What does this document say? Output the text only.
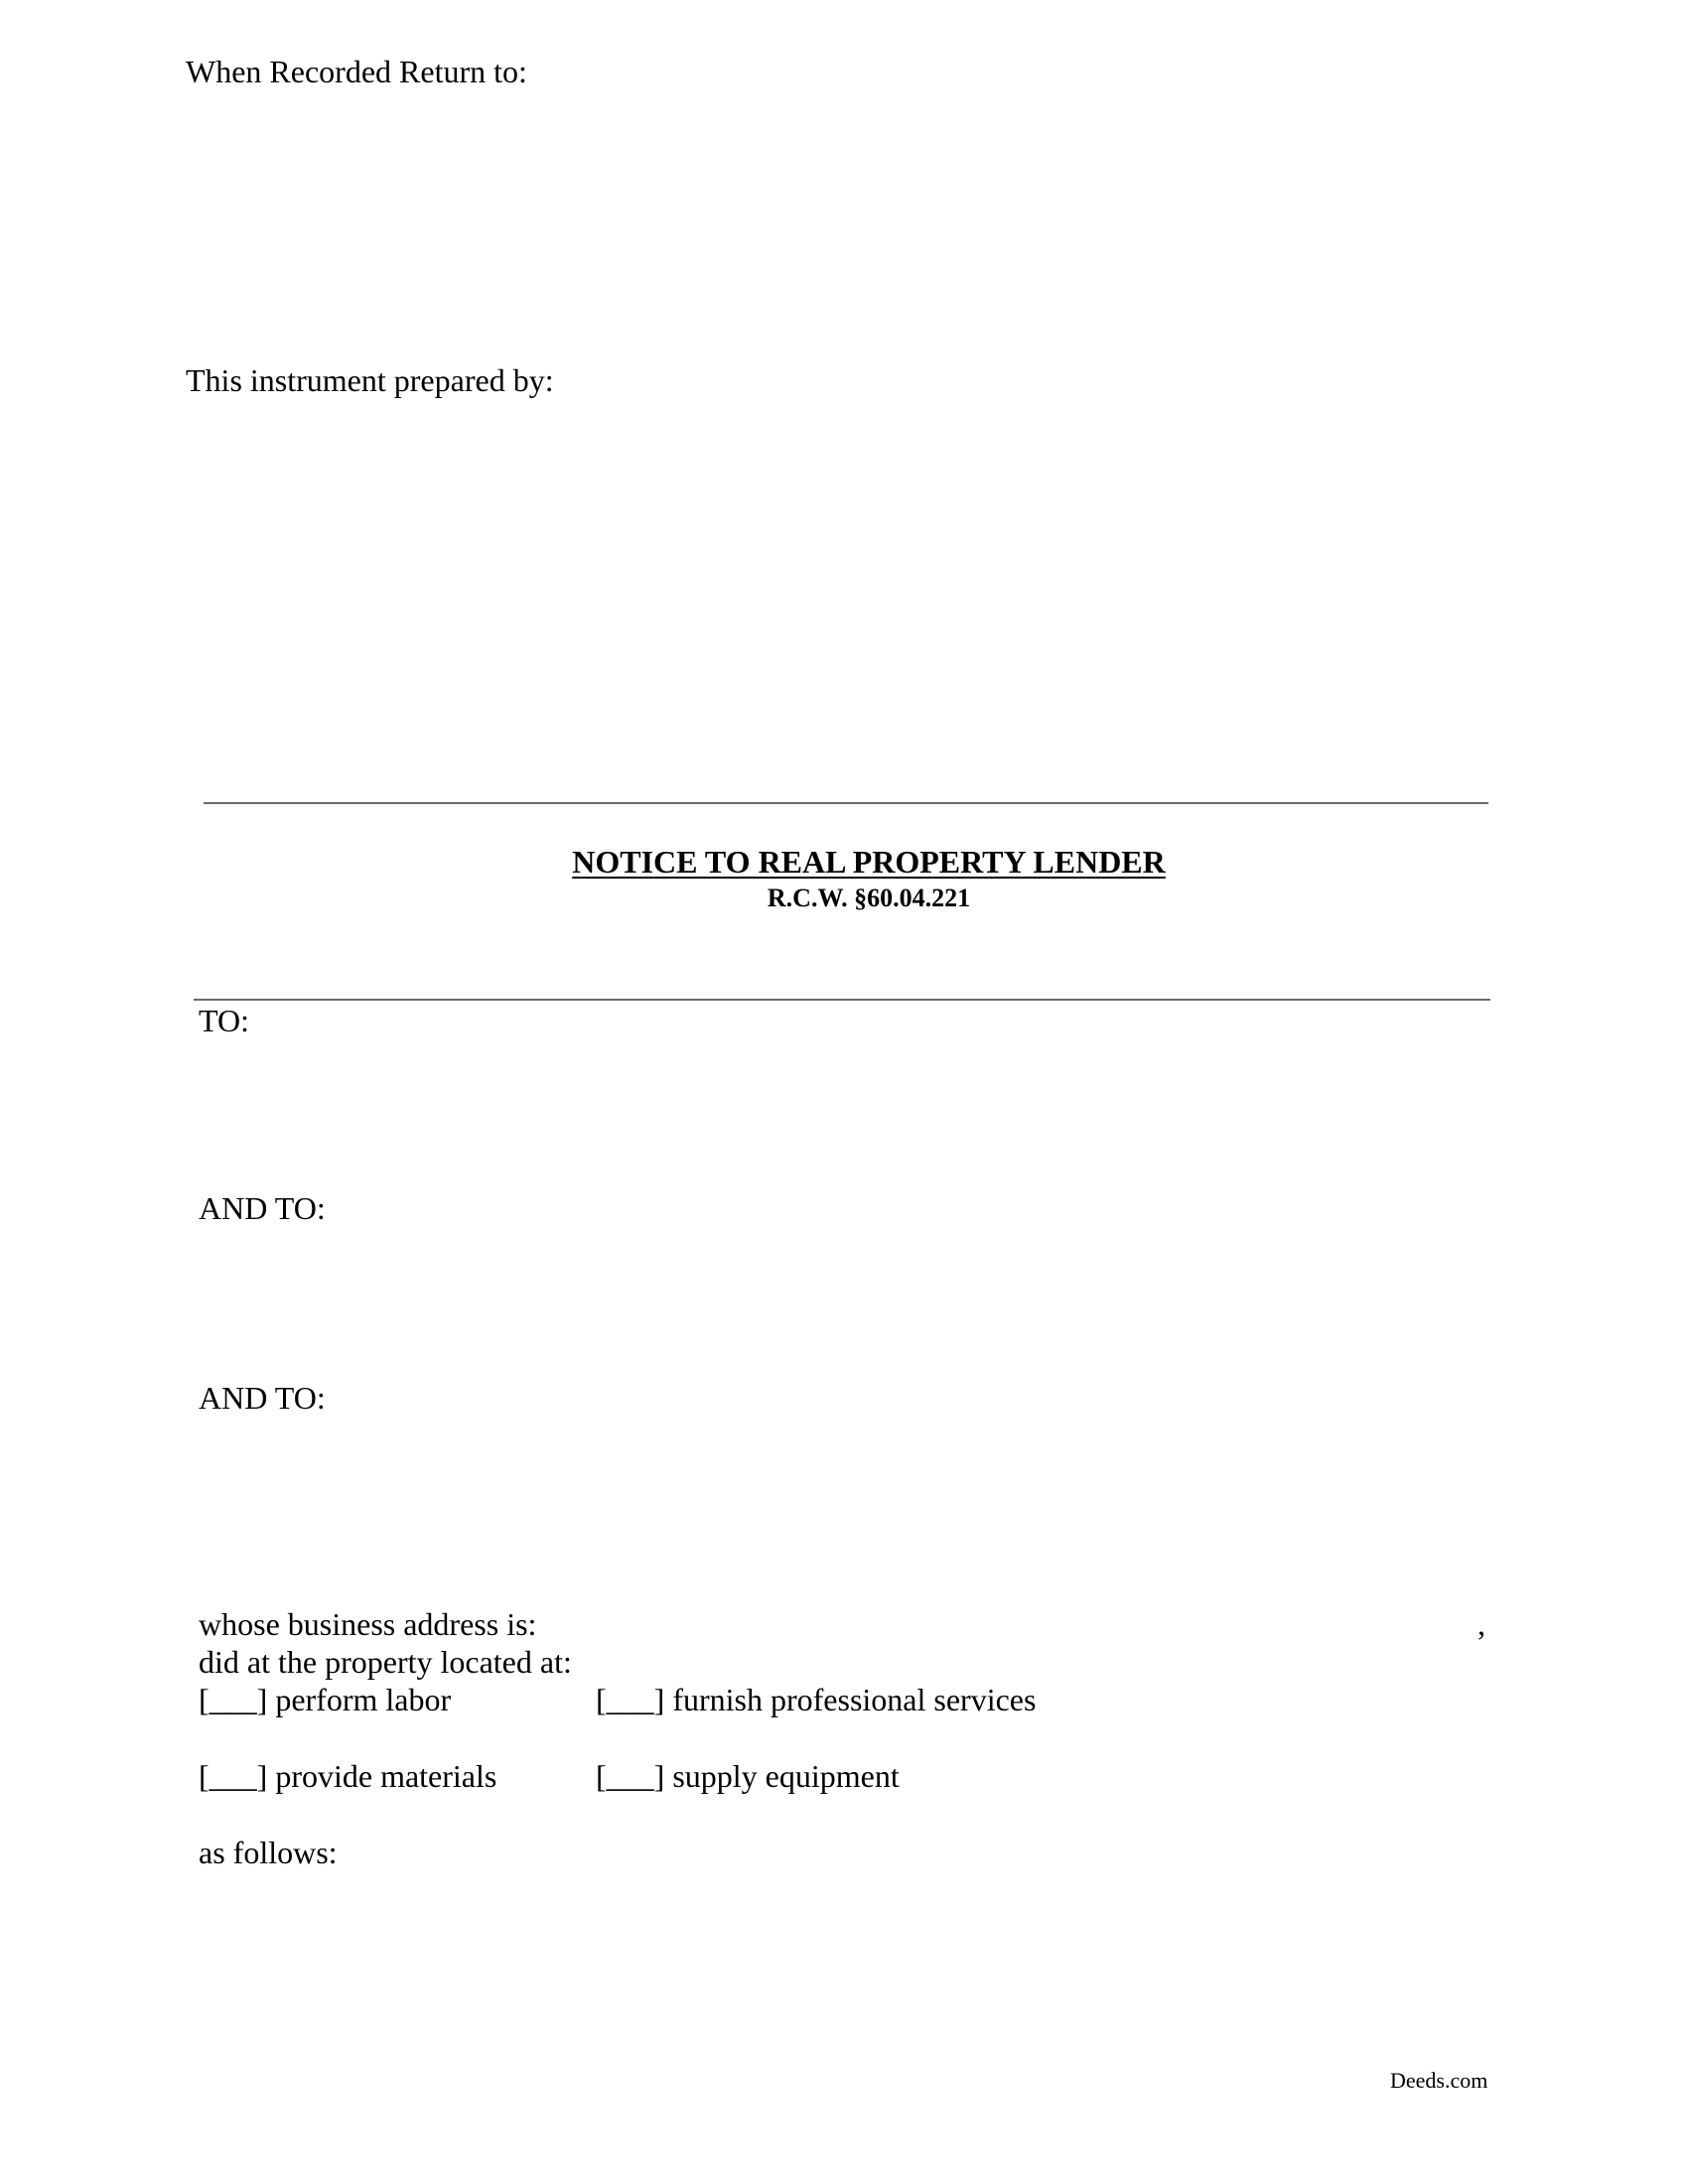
When Recorded Return to:
This instrument prepared by:
NOTICE TO REAL PROPERTY LENDER
R.C.W. §60.04.221
TO:
AND TO:
AND TO:
whose business address is:	,
did at the property located at:
[___] perform labor	[___] furnish professional services
[___] provide materials	[___] supply equipment
as follows:
Deeds.com
